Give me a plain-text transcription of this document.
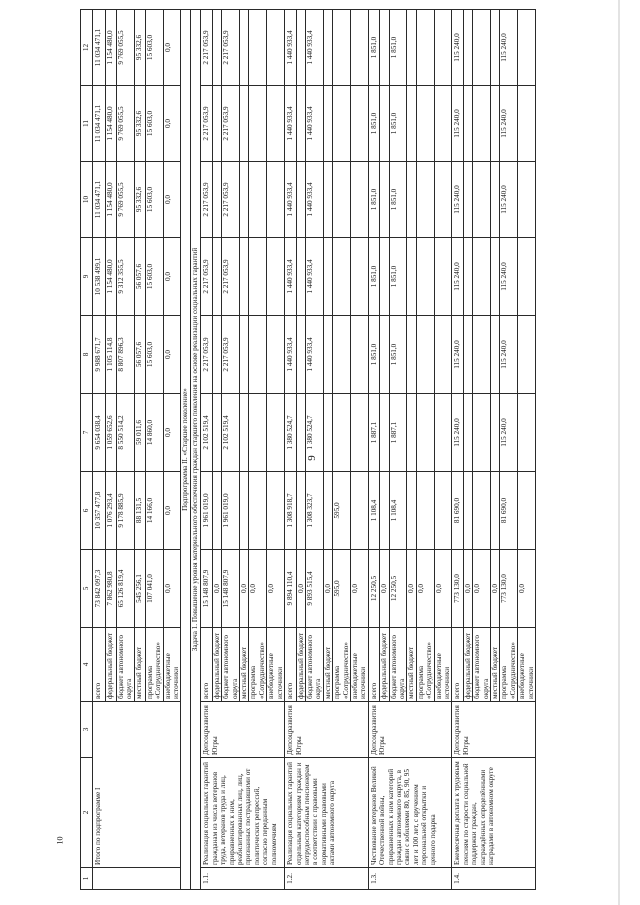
9
10
1	2	3	4	5	6	7	8	9	10	11	12
	Итого по подпрограмме I		всего	73 842 097,3	10 357 477,8	9 654 038,4	9 988 671,7	10 538 499,1	11 034 471,1	11 034 471,1	11 034 471,1
			федеральный бюджет	7 862 980,8	1 076 293,4	1 059 652,6	1 105 114,8	1 154 480,0	1 154 480,0	1 154 480,0	1 154 480,0
			бюджет автономного округа	65 126 819,4	9 178 885,9	8 550 514,2	8 807 896,3	9 312 355,5	9 769 055,5	9 769 055,5	9 769 055,5
			местный бюджет	545 256,1	88 131,5	59 011,6	56 057,6	56 057,6	95 332,6	95 332,6	95 332,6
			программа «Сотрудничество»	107 041,0	14 166,0	14 860,0	15 603,0	15 603,0	15 603,0	15 603,0	15 603,0
			внебюджетные источники	0,0	0,0	0,0	0,0	0,0	0,0	0,0	0,0
Подпрограмма II. «Старшее поколение»											
Задача 1. Повышение уровня материального обеспечения граждан старшего поколения на основе реализации социальных гарантий											
1.1.	Реализация социальных гарантий гражданам из числа ветеранов труда, ветеранов труда и лиц, приравненных к ним, реабилитированных лиц, лиц, признанных пострадавшими от политических репрессий, согласно переданным полномочиям	Депсоцразвития Югры	всего	15 148 807,9	1 961 019,0	2 102 519,4	2 217 053,9	2 217 053,9	2 217 053,9	2 217 053,9	2 217 053,9
			федеральный бюджет	0,0							
			бюджет автономного округа	15 148 807,9	1 961 019,0	2 102 519,4	2 217 053,9	2 217 053,9	2 217 053,9	2 217 053,9	2 217 053,9
			местный бюджет	0,0							
			программа «Сотрудничество»	0,0							
			внебюджетные источники	0,0							
1.2.	Реализация социальных гарантий отдельным категориям граждан и нетрудоспособным пенсионерам в соответствии с правовыми нормативными правовыми актами автономного округа	Депсоцразвития Югры	всего	9 894 110,4	1 308 918,7	1 380 524,7	1 440 933,4	1 440 933,4	1 440 933,4	1 440 933,4	1 440 933,4
			федеральный бюджет	0,0							
			бюджет автономного округа	9 893 515,4	1 308 323,7	1 380 524,7	1 440 933,4	1 440 933,4	1 440 933,4	1 440 933,4	1 440 933,4
			местный бюджет	0,0							
			программа «Сотрудничество»	595,0	595,0						
			внебюджетные источники	0,0							
1.3.	Чествование ветеранов Великой Отечественной войны, приравненных к ним категорий граждан автономного округа, в связи с юбилеями 80, 85, 90, 95 лет и 100 лет, с вручением персональной открытки и ценного подарка	Депсоцразвития Югры	всего	12 250,5	1 108,4	1 887,1	1 851,0	1 851,0	1 851,0	1 851,0	1 851,0
			федеральный бюджет	0,0							
			бюджет автономного округа	12 250,5	1 108,4	1 887,1	1 851,0	1 851,0	1 851,0	1 851,0	1 851,0
			местный бюджет	0,0							
			программа «Сотрудничество»	0,0							
			внебюджетные источники	0,0							
1.4.	Ежемесячная доплата к трудовым пенсиям по старости социальной поддержки граждан, награждённых определёнными наградами в автономном округе	Депсоцразвития Югры	всего	773 130,0	81 690,0	115 240,0	115 240,0	115 240,0	115 240,0	115 240,0	115 240,0
			федеральный бюджет	0,0							
			бюджет автономного округа	0,0							
			местный бюджет	0,0							
			программа «Сотрудничество»	773 130,0	81 690,0	115 240,0	115 240,0	115 240,0	115 240,0	115 240,0	115 240,0
			внебюджетные источники	0,0							
